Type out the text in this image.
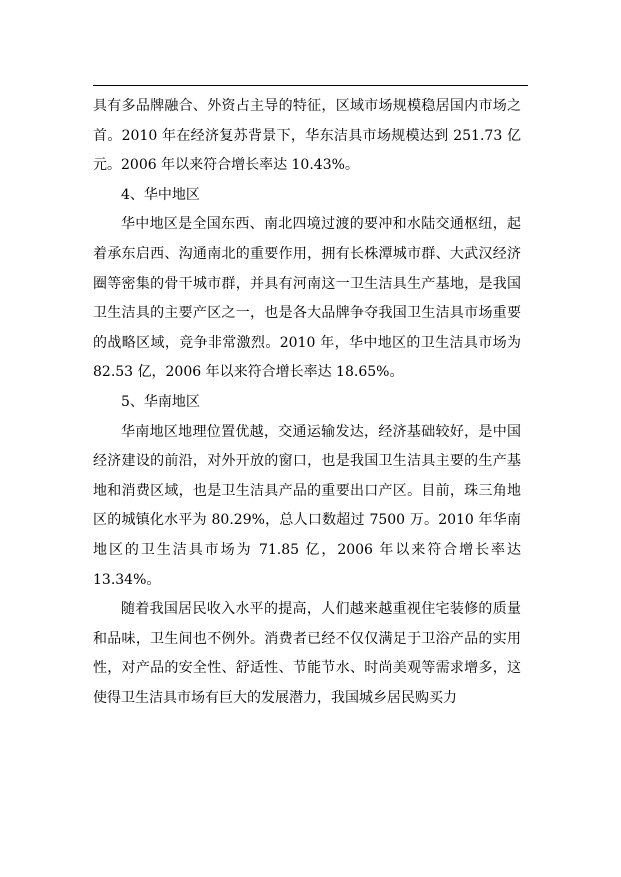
具有多品牌融合、外资占主导的特征，区域市场规模稳居国内市场之首。2010 年在经济复苏背景下，华东洁具市场规模达到 251.73 亿元。2006 年以来符合增长率达 10.43%。

4、华中地区

华中地区是全国东西、南北四境过渡的要冲和水陆交通枢纽，起着承东启西、沟通南北的重要作用，拥有长株潭城市群、大武汉经济圈等密集的骨干城市群，并具有河南这一卫生洁具生产基地，是我国卫生洁具的主要产区之一，也是各大品牌争夺我国卫生洁具市场重要的战略区域，竞争非常激烈。2010 年，华中地区的卫生洁具市场为 82.53 亿，2006 年以来符合增长率达 18.65%。

5、华南地区

华南地区地理位置优越，交通运输发达，经济基础较好，是中国经济建设的前沿，对外开放的窗口，也是我国卫生洁具主要的生产基地和消费区域，也是卫生洁具产品的重要出口产区。目前，珠三角地区的城镇化水平为 80.29%，总人口数超过 7500 万。2010 年华南地区的卫生洁具市场为 71.85 亿，2006 年以来符合增长率达 13.34%。

随着我国居民收入水平的提高，人们越来越重视住宅装修的质量和品味，卫生间也不例外。消费者已经不仅仅满足于卫浴产品的实用性，对产品的安全性、舒适性、节能节水、时尚美观等需求增多，这使得卫生洁具市场有巨大的发展潜力，我国城乡居民购买力
